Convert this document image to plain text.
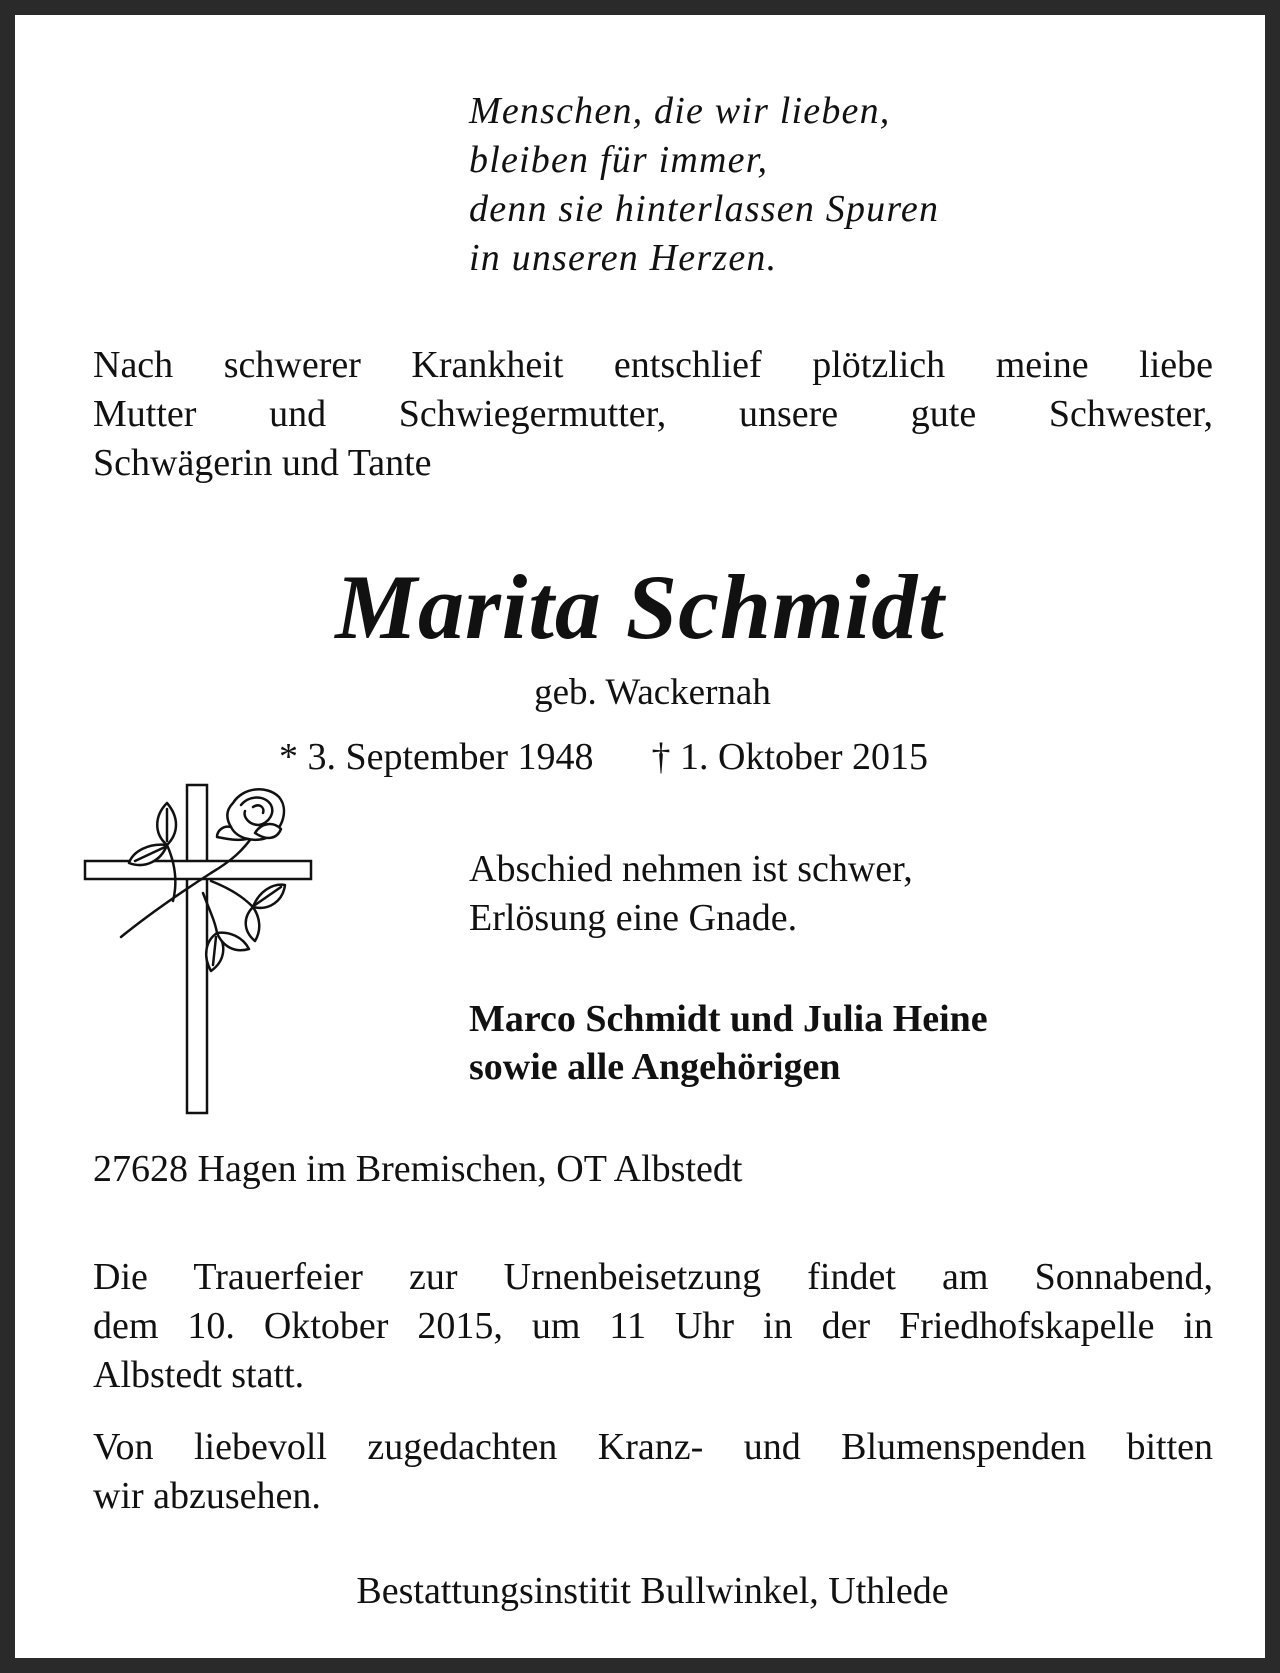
Menschen, die wir lieben,
bleiben für immer,
denn sie hinterlassen Spuren
in unseren Herzen.
Nach schwerer Krankheit entschlief plötzlich meine liebe
Mutter und Schwiegermutter, unsere gute Schwester,
Schwägerin und Tante
Marita Schmidt
geb. Wackernah
* 3. September 1948 † 1. Oktober 2015
Abschied nehmen ist schwer,
Erlösung eine Gnade.
Marco Schmidt und Julia Heine
sowie alle Angehörigen
27628 Hagen im Bremischen, OT Albstedt
Die Trauerfeier zur Urnenbeisetzung findet am Sonnabend,
dem 10. Oktober 2015, um 11 Uhr in der Friedhofskapelle in
Albstedt statt.
Von liebevoll zugedachten Kranz- und Blumenspenden bitten
wir abzusehen.
Bestattungsinstitit Bullwinkel, Uthlede
